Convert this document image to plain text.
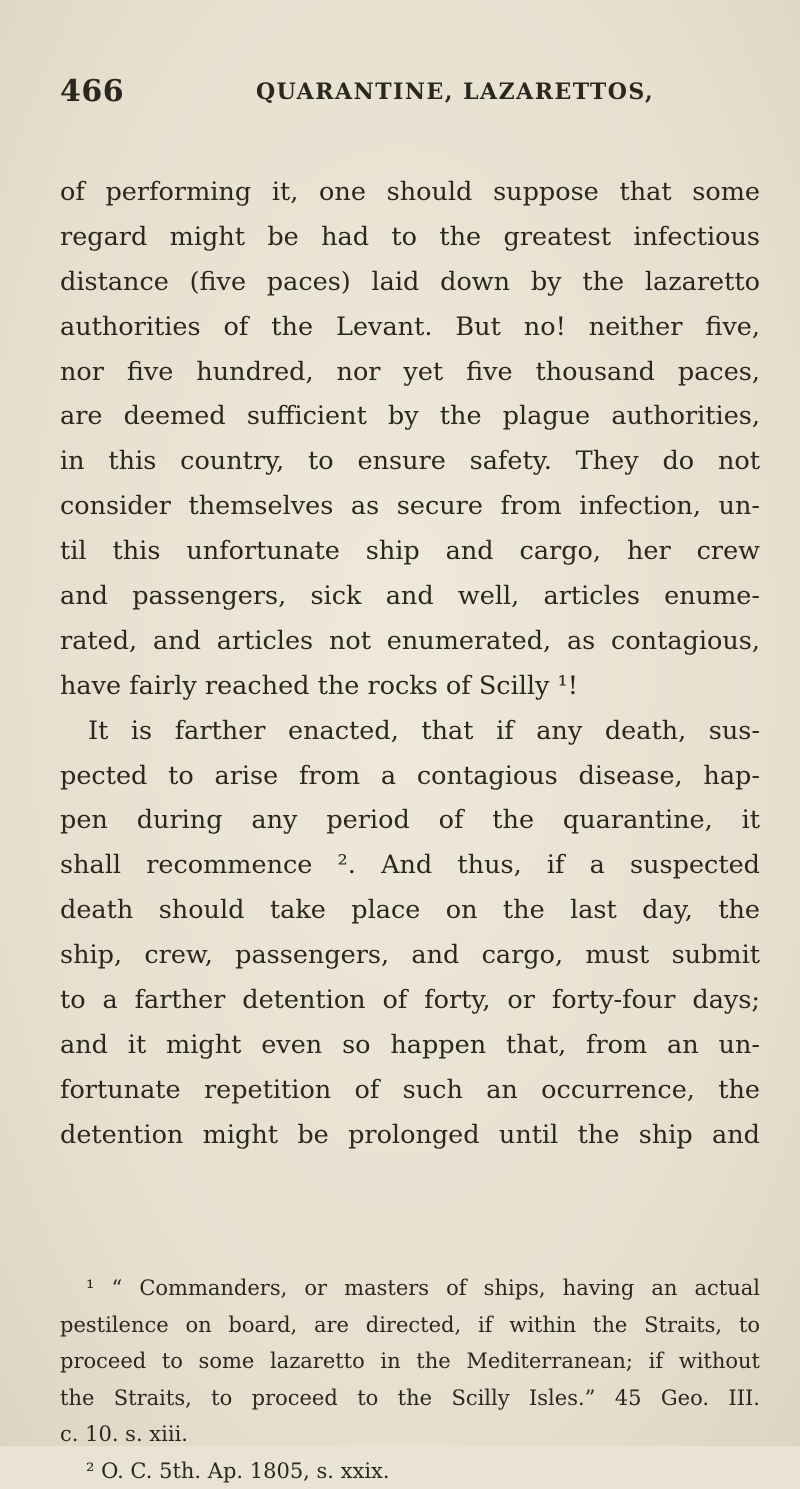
466	QUARANTINE, LAZARETTOS,
of performing it, one should suppose that some
regard might be had to the greatest infectious
distance (five paces) laid down by the lazaretto
authorities of the Levant. But no! neither five,
nor five hundred, nor yet five thousand paces,
are deemed sufficient by the plague authorities,
in this country, to ensure safety. They do not
consider themselves as secure from infection, un-
til this unfortunate ship and cargo, her crew
and passengers, sick and well, articles enume-
rated, and articles not enumerated, as contagious,
have fairly reached the rocks of Scilly ¹!
It is farther enacted, that if any death, sus-
pected to arise from a contagious disease, hap-
pen during any period of the quarantine, it
shall recommence ². And thus, if a suspected
death should take place on the last day, the
ship, crew, passengers, and cargo, must submit
to a farther detention of forty, or forty-four days;
and it might even so happen that, from an un-
fortunate repetition of such an occurrence, the
detention might be prolonged until the ship and
¹ “ Commanders, or masters of ships, having an actual
pestilence on board, are directed, if within the Straits, to
proceed to some lazaretto in the Mediterranean; if without
the Straits, to proceed to the Scilly Isles.” 45 Geo. III.
c. 10. s. xiii.
² O. C. 5th. Ap. 1805, s. xxix.
